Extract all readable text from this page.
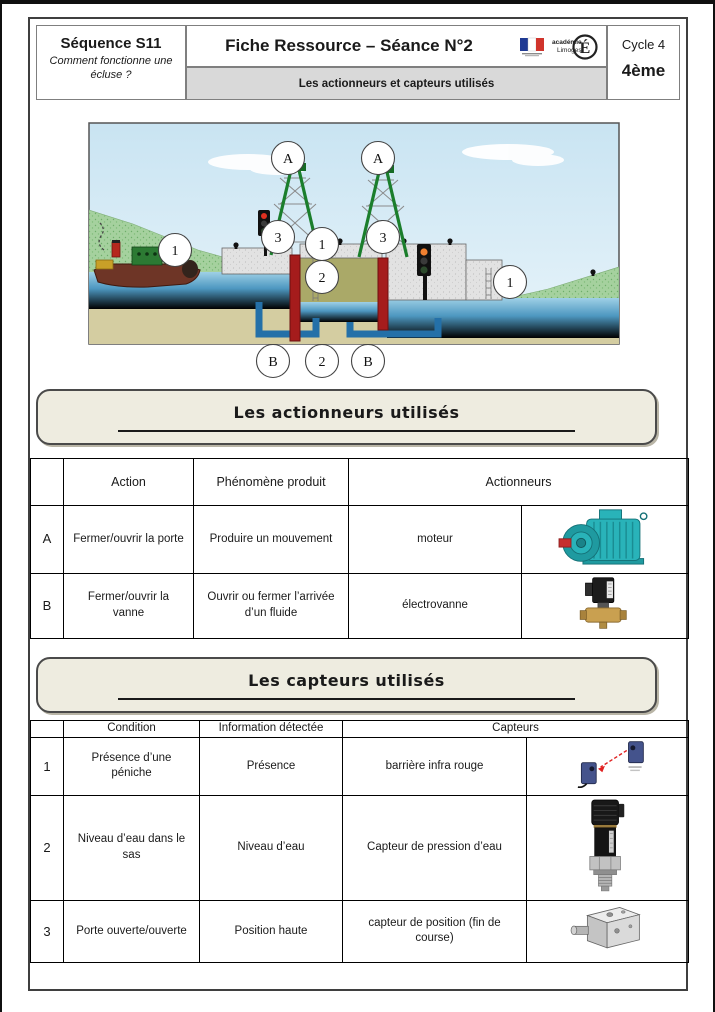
Séquence S11
Comment fonctionne une écluse ?
Fiche Ressource – Séance N°2	académie
Limoges
É
Les actionneurs et capteurs utilisés
Cycle 4
4ème
A	A
1
3	1
2
3
1
B	2	B
Les actionneurs utilisés
	Action	Phénomène produit	Actionneurs	
A	Fermer/ouvrir la porte	Produire un mouvement	moteur	
B	Fermer/ouvrir la vanne	Ouvrir ou fermer l’arrivée d’un fluide	électrovanne	
Les capteurs utilisés
	Condition	Information détectée	Capteurs	
1	Présence d’une péniche	Présence	barrière infra rouge	
2	Niveau d’eau dans le sas	Niveau d’eau	Capteur de pression d’eau	
3	Porte ouverte/ouverte	Position haute	capteur de position (fin de course)	
